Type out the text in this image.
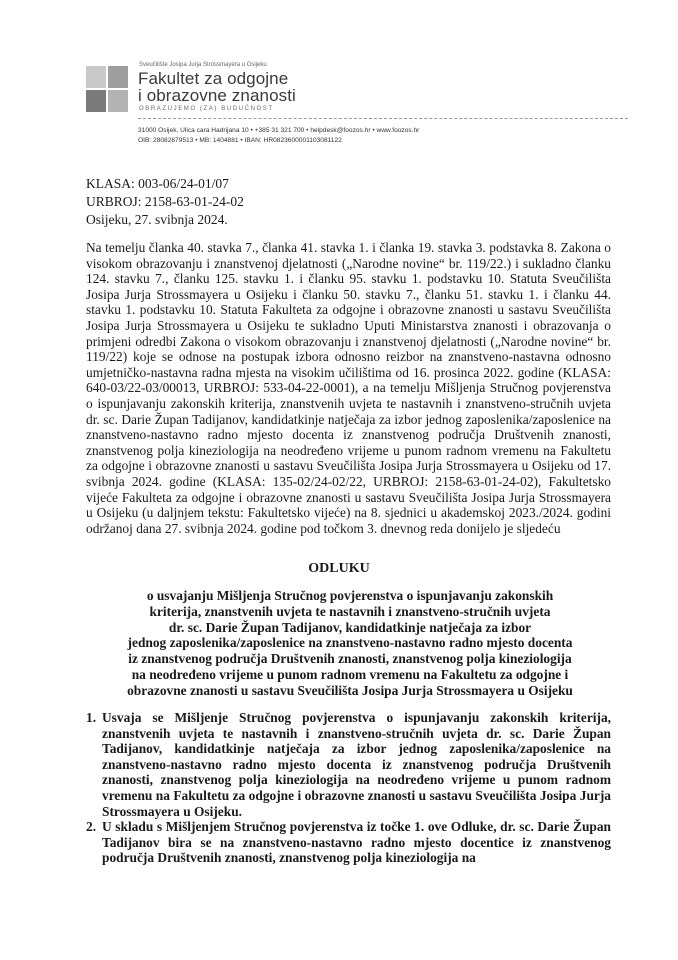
Sveučilište Josipa Jurja Strossmayera u Osijeku
Fakultet za odgojne
i obrazovne znanosti
OBRAZUJEMO (ZA) BUDUĆNOST
31000 Osijek, Ulica cara Hadrijana 10 • +385 31 321 700 • helpdesk@foozos.hr • www.foozos.hr
OIB: 28082679513 • MB: 1404881 • IBAN: HR0823600001103081122
KLASA: 003-06/24-01/07
URBROJ: 2158-63-01-24-02
Osijeku, 27. svibnja 2024.
Na temelju članka 40. stavka 7., članka 41. stavka 1. i članka 19. stavka 3. podstavka 8. Zakona o visokom obrazovanju i znanstvenoj djelatnosti („Narodne novine“ br. 119/22.) i sukladno članku 124. stavku 7., članku 125. stavku 1. i članku 95. stavku 1. podstavku 10. Statuta Sveučilišta Josipa Jurja Strossmayera u Osijeku i članku 50. stavku 7., članku 51. stavku 1. i članku 44. stavku 1. podstavku 10. Statuta Fakulteta za odgojne i obrazovne znanosti u sastavu Sveučilišta Josipa Jurja Strossmayera u Osijeku te sukladno Uputi Ministarstva znanosti i obrazovanja o primjeni odredbi Zakona o visokom obrazovanju i znanstvenoj djelatnosti („Narodne novine“ br. 119/22) koje se odnose na postupak izbora odnosno reizbor na znanstveno-nastavna odnosno umjetničko-nastavna radna mjesta na visokim učilištima od 16. prosinca 2022. godine (KLASA: 640-03/22-03/00013, URBROJ: 533-04-22-0001), a na temelju Mišljenja Stručnog povjerenstva o ispunjavanju zakonskih kriterija, znanstvenih uvjeta te nastavnih i znanstveno-stručnih uvjeta dr. sc. Darie Župan Tadijanov, kandidatkinje natječaja za izbor jednog zaposlenika/zaposlenice na znanstveno-nastavno radno mjesto docenta iz znanstvenog područja Društvenih znanosti, znanstvenog polja kineziologija na neodređeno vrijeme u punom radnom vremenu na Fakultetu za odgojne i obrazovne znanosti u sastavu Sveučilišta Josipa Jurja Strossmayera u Osijeku od 17. svibnja 2024. godine (KLASA: 135-02/24-02/22, URBROJ: 2158-63-01-24-02), Fakultetsko vijeće Fakulteta za odgojne i obrazovne znanosti u sastavu Sveučilišta Josipa Jurja Strossmayera u Osijeku (u daljnjem tekstu: Fakultetsko vijeće) na 8. sjednici u akademskoj 2023./2024. godini održanoj dana 27. svibnja 2024. godine pod točkom 3. dnevnog reda donijelo je sljedeću
ODLUKU
o usvajanju Mišljenja Stručnog povjerenstva o ispunjavanju zakonskih
kriterija, znanstvenih uvjeta te nastavnih i znanstveno-stručnih uvjeta
dr. sc. Darie Župan Tadijanov, kandidatkinje natječaja za izbor
jednog zaposlenika/zaposlenice na znanstveno-nastavno radno mjesto docenta
iz znanstvenog područja Društvenih znanosti, znanstvenog polja kineziologija
na neodređeno vrijeme u punom radnom vremenu na Fakultetu za odgojne i
obrazovne znanosti u sastavu Sveučilišta Josipa Jurja Strossmayera u Osijeku
1. Usvaja se Mišljenje Stručnog povjerenstva o ispunjavanju zakonskih kriterija, znanstvenih uvjeta te nastavnih i znanstveno-stručnih uvjeta dr. sc. Darie Župan Tadijanov, kandidatkinje natječaja za izbor jednog zaposlenika/zaposlenice na znanstveno-nastavno radno mjesto docenta iz znanstvenog područja Društvenih znanosti, znanstvenog polja kineziologija na neodređeno vrijeme u punom radnom vremenu na Fakultetu za odgojne i obrazovne znanosti u sastavu Sveučilišta Josipa Jurja Strossmayera u Osijeku.
2. U skladu s Mišljenjem Stručnog povjerenstva iz točke 1. ove Odluke, dr. sc. Darie Župan Tadijanov bira se na znanstveno-nastavno radno mjesto docentice iz znanstvenog područja Društvenih znanosti, znanstvenog polja kineziologija na
